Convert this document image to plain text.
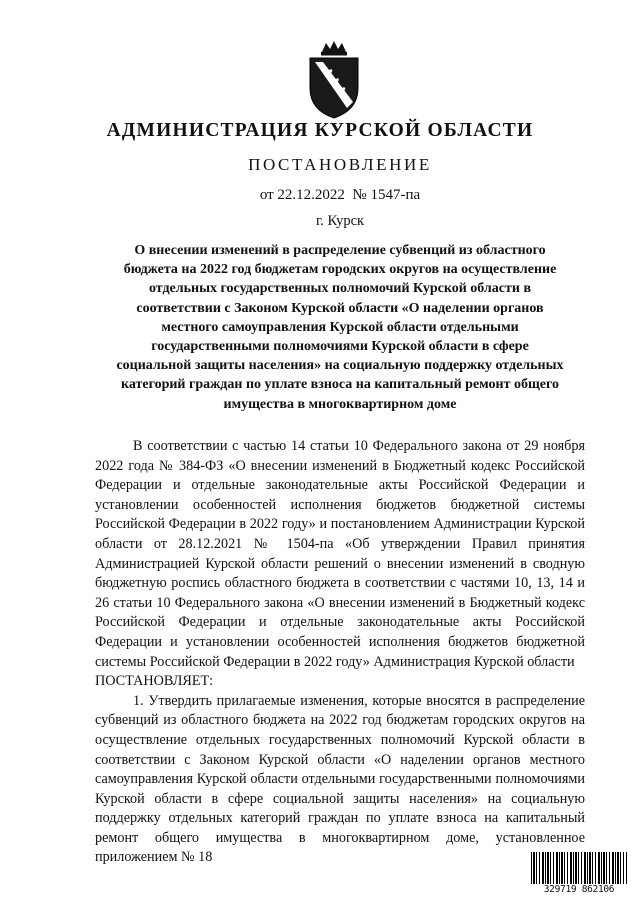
АДМИНИСТРАЦИЯ КУРСКОЙ ОБЛАСТИ
ПОСТАНОВЛЕНИЕ
от 22.12.2022  № 1547-па
г. Курск
О внесении изменений в распределение субвенций из областного
бюджета на 2022 год бюджетам городских округов на осуществление
отдельных государственных полномочий Курской области в
соответствии с Законом Курской области «О наделении органов
местного самоуправления Курской области отдельными
государственными полномочиями Курской области в сфере
социальной защиты населения» на социальную поддержку отдельных
категорий граждан по уплате взноса на капитальный ремонт общего
имущества в многоквартирном доме

В соответствии с частью 14 статьи 10 Федерального закона от 29 ноября 2022 года № 384-ФЗ «О внесении изменений в Бюджетный кодекс Российской Федерации и отдельные законодательные акты Российской Федерации и установлении особенностей исполнения бюджетов бюджетной системы Российской Федерации в 2022 году» и постановлением Администрации Курской области от 28.12.2021 № 1504-па «Об утверждении Правил принятия Администрацией Курской области решений о внесении изменений в сводную бюджетную роспись областного бюджета в соответствии с частями 10, 13, 14 и 26 статьи 10 Федерального закона «О внесении изменений в Бюджетный кодекс Российской Федерации и отдельные законодательные акты Российской Федерации и установлении особенностей исполнения бюджетов бюджетной системы Российской Федерации в 2022 году» Администрация Курской области

ПОСТАНОВЛЯЕТ:

1. Утвердить прилагаемые изменения, которые вносятся в распределение субвенций из областного бюджета на 2022 год бюджетам городских округов на осуществление отдельных государственных полномочий Курской области в соответствии с Законом Курской области «О наделении органов местного самоуправления Курской области отдельными государственными полномочиями Курской области в сфере социальной защиты населения» на социальную поддержку отдельных категорий граждан по уплате взноса на капитальный ремонт общего имущества в многоквартирном доме, установленное приложением № 18

329719 862106
